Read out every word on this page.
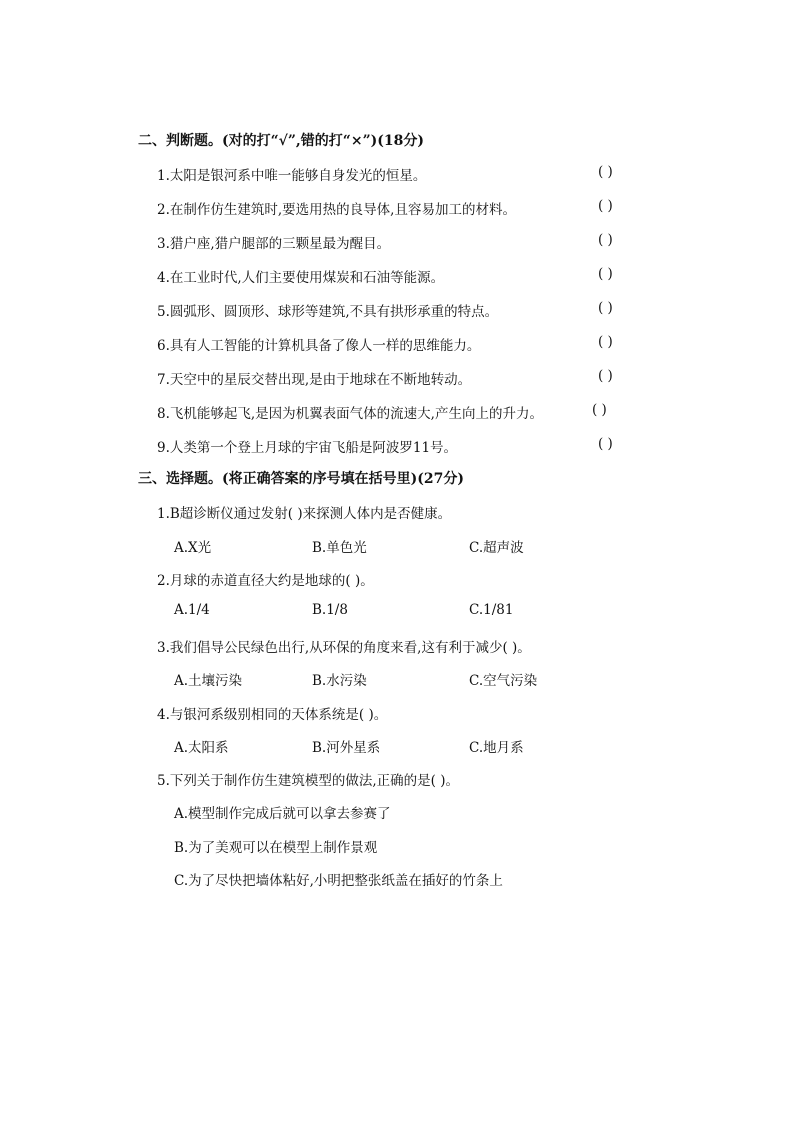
二、判断题。(对的打“√”,错的打“×”)(18分)
1.太阳是银河系中唯一能够自身发光的恒星。	( )
2.在制作仿生建筑时,要选用热的良导体,且容易加工的材料。	( )
3.猎户座,猎户腿部的三颗星最为醒目。	( )
4.在工业时代,人们主要使用煤炭和石油等能源。	( )
5.圆弧形、圆顶形、球形等建筑,不具有拱形承重的特点。	( )
6.具有人工智能的计算机具备了像人一样的思维能力。	( )
7.天空中的星辰交替出现,是由于地球在不断地转动。	( )
8.飞机能够起飞,是因为机翼表面气体的流速大,产生向上的升力。	( )
9.人类第一个登上月球的宇宙飞船是阿波罗11号。	( )
三、选择题。(将正确答案的序号填在括号里)(27分)
1.B超诊断仪通过发射( )来探测人体内是否健康。
A.X光	B.单色光	C.超声波
2.月球的赤道直径大约是地球的( )。
A.1/4	B.1/8	C.1/81
3.我们倡导公民绿色出行,从环保的角度来看,这有利于减少( )。
A.土壤污染	B.水污染	C.空气污染
4.与银河系级别相同的天体系统是( )。
A.太阳系	B.河外星系	C.地月系
5.下列关于制作仿生建筑模型的做法,正确的是( )。
A.模型制作完成后就可以拿去参赛了
B.为了美观可以在模型上制作景观
C.为了尽快把墙体粘好,小明把整张纸盖在插好的竹条上
